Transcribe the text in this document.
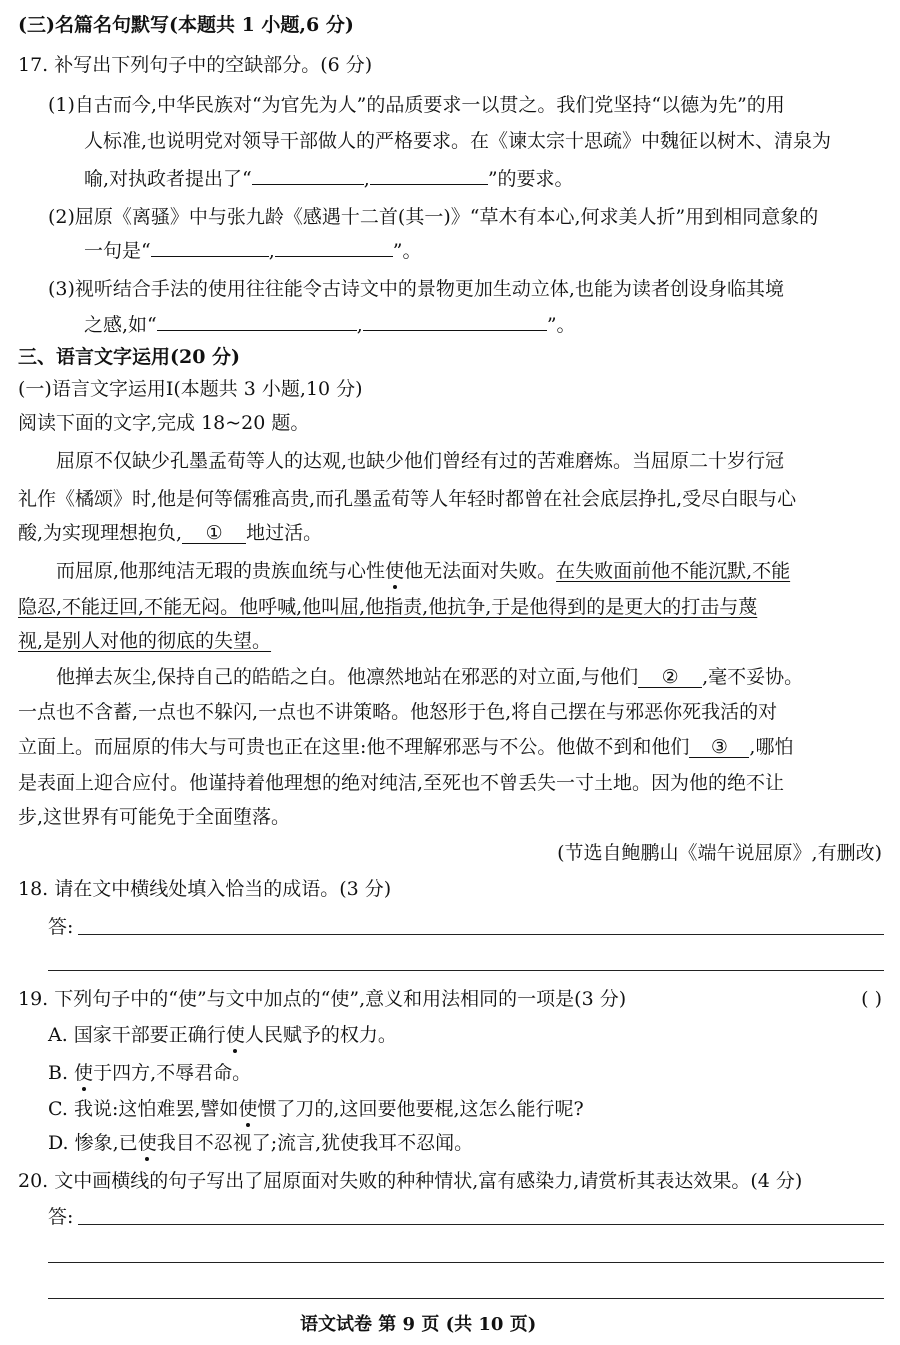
(三)名篇名句默写(本题共 1 小题,6 分)
17. 补写出下列句子中的空缺部分。(6 分)
(1)自古而今,中华民族对“为官先为人”的品质要求一以贯之。我们党坚持“以德为先”的用
人标准,也说明党对领导干部做人的严格要求。在《谏太宗十思疏》中魏征以树木、清泉为
喻,对执政者提出了“	,	”的要求。
(2)屈原《离骚》中与张九龄《感遇十二首(其一)》“草木有本心,何求美人折”用到相同意象的
一句是“	,	”。
(3)视听结合手法的使用往往能令古诗文中的景物更加生动立体,也能为读者创设身临其境
之感,如“	,	”。
三、语言文字运用(20 分)
(一)语言文字运用Ⅰ(本题共 3 小题,10 分)
阅读下面的文字,完成 18~20 题。
屈原不仅缺少孔墨孟荀等人的达观,也缺少他们曾经有过的苦难磨炼。当屈原二十岁行冠
礼作《橘颂》时,他是何等儒雅高贵,而孔墨孟荀等人年轻时都曾在社会底层挣扎,受尽白眼与心
酸,为实现理想抱负, ① 地过活。
而屈原,他那纯洁无瑕的贵族血统与心性使他无法面对失败。在失败面前他不能沉默,不能
隐忍,不能迂回,不能无闷。他呼喊,他叫屈,他指责,他抗争,于是他得到的是更大的打击与蔑
视,是别人对他的彻底的失望。
他掸去灰尘,保持自己的皓皓之白。他凛然地站在邪恶的对立面,与他们 ② ,毫不妥协。
一点也不含蓄,一点也不躲闪,一点也不讲策略。他怒形于色,将自己摆在与邪恶你死我活的对
立面上。而屈原的伟大与可贵也正在这里:他不理解邪恶与不公。他做不到和他们 ③ ,哪怕
是表面上迎合应付。他谨持着他理想的绝对纯洁,至死也不曾丢失一寸土地。因为他的绝不让
步,这世界有可能免于全面堕落。
(节选自鲍鹏山《端午说屈原》,有删改)
18. 请在文中横线处填入恰当的成语。(3 分)
答:
19. 下列句子中的“使”与文中加点的“使”,意义和用法相同的一项是(3 分)	( )
A. 国家干部要正确行使人民赋予的权力。
B. 使于四方,不辱君命。
C. 我说:这怕难罢,譬如使惯了刀的,这回要他要棍,这怎么能行呢?
D. 惨象,已使我目不忍视了;流言,犹使我耳不忍闻。
20. 文中画横线的句子写出了屈原面对失败的种种情状,富有感染力,请赏析其表达效果。(4 分)
答:
语文试卷 第 9 页 (共 10 页)
